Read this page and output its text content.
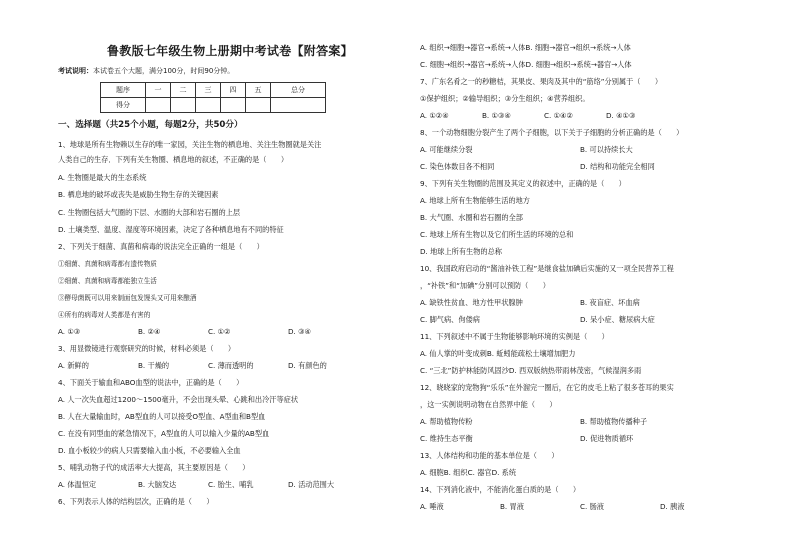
鲁教版七年级生物上册期中考试卷【附答案】
考试说明：本试卷五个大题，满分100分，时间90分钟。
题序	一	二	三	四	五	总分
得分						
一、选择题（共25个小题，每题2分，共50分）
1、地球是所有生物赖以生存的唯一家园，关注生物的栖息地、关注生物圈就是关注
人类自己的生存．下列有关生物圈、栖息地的叙述，不正确的是（　　）
A. 生物圈是最大的生态系统
B. 栖息地的破坏或丧失是威胁生物生存的关键因素
C. 生物圈包括大气圈的下层、水圈的大部和岩石圈的上层
D. 土壤类型、温度、湿度等环境因素，决定了各种栖息地有不同的特征
2、下列关于细菌、真菌和病毒的说法完全正确的一组是（　　）
①细菌、真菌和病毒都有遗传物质
②细菌、真菌和病毒都能独立生活
③酵母菌既可以用来制面包发馒头又可用来酿酒
④所有的病毒对人类都是有害的
A. ①③	B. ②④	C. ①②	D. ③④
3、用显微镜进行观察研究的时候，材料必须是（　　）
A. 新鲜的	B. 干燥的	C. 薄而透明的	D. 有颜色的
4、下面关于输血和ABO血型的说法中，正确的是（　　）
A. 人一次失血超过1200～1500毫升，不会出现头晕、心跳和出冷汗等症状
B. 人在大量输血时，AB型血的人可以接受O型血、A型血和B型血
C. 在没有同型血的紧急情况下，A型血的人可以输入少量的AB型血
D. 血小板较少的病人只需要输入血小板，不必要输入全血
5、哺乳动物子代的成活率大大提高，其主要原因是（　　）
A. 体温恒定	B. 大脑发达	C. 胎生、哺乳	D. 活动范围大
6、下列表示人体的结构层次，正确的是（　　）
A. 组织→细胞→器官→系统→人体B. 细胞→器官→组织→系统→人体
C. 细胞→组织→器官→系统→人体D. 细胞→组织→系统→器官→人体
7、广东名肴之一的秒糖桔，其果皮、果肉及其中的“筋络”分别属于（　　）
①保护组织；②输导组织；③分生组织；④营养组织。
A. ①②④	B. ①③④	C. ①④②	D. ④①③
8、一个动物细胞分裂产生了两个子细胞，以下关于子细胞的分析正确的是（　　）
A. 可能继续分裂	B. 可以持续长大
C. 染色体数目各不相同	D. 结构和功能完全相同
9、下列有关生物圈的范围及其定义的叙述中，正确的是（　　）
A. 地球上所有生物能够生活的地方
B. 大气圈、水圈和岩石圈的全部
C. 地球上所有生物以及它们所生活的环境的总和
D. 地球上所有生物的总称
10、我国政府启动的“酱油补铁工程”是继食盐加碘后实施的又一项全民营养工程
，“补铁”和“加碘”分别可以预防（　　）
A. 缺铁性贫血、地方性甲状腺肿	B. 夜盲症、坏血病
C. 脚气病、佝偻病	D. 呆小症、糖尿病大症
11、下列叙述中不属于生物能够影响环境的实例是（　　）
A. 仙人掌的叶变成刺B. 蚯蚓能疏松土壤增加肥力
C. “三北”防护林能防风固沙D. 西双版纳热带雨林茂密，气候湿润多雨
12、晓晓家的宠物狗“乐乐”在外溜完一圈后，在它的皮毛上粘了很多苍耳的果实
，这一实例说明动物在自然界中能（　　）
A. 帮助植物传粉	B. 帮助植物传播种子
C. 维持生态平衡	D. 促进物质循环
13、人体结构和功能的基本单位是（　　）
A. 细胞B. 组织C. 器官D. 系统
14、下列消化液中，不能消化蛋白质的是（　　）
A. 唾液	B. 胃液	C. 肠液	D. 胰液
